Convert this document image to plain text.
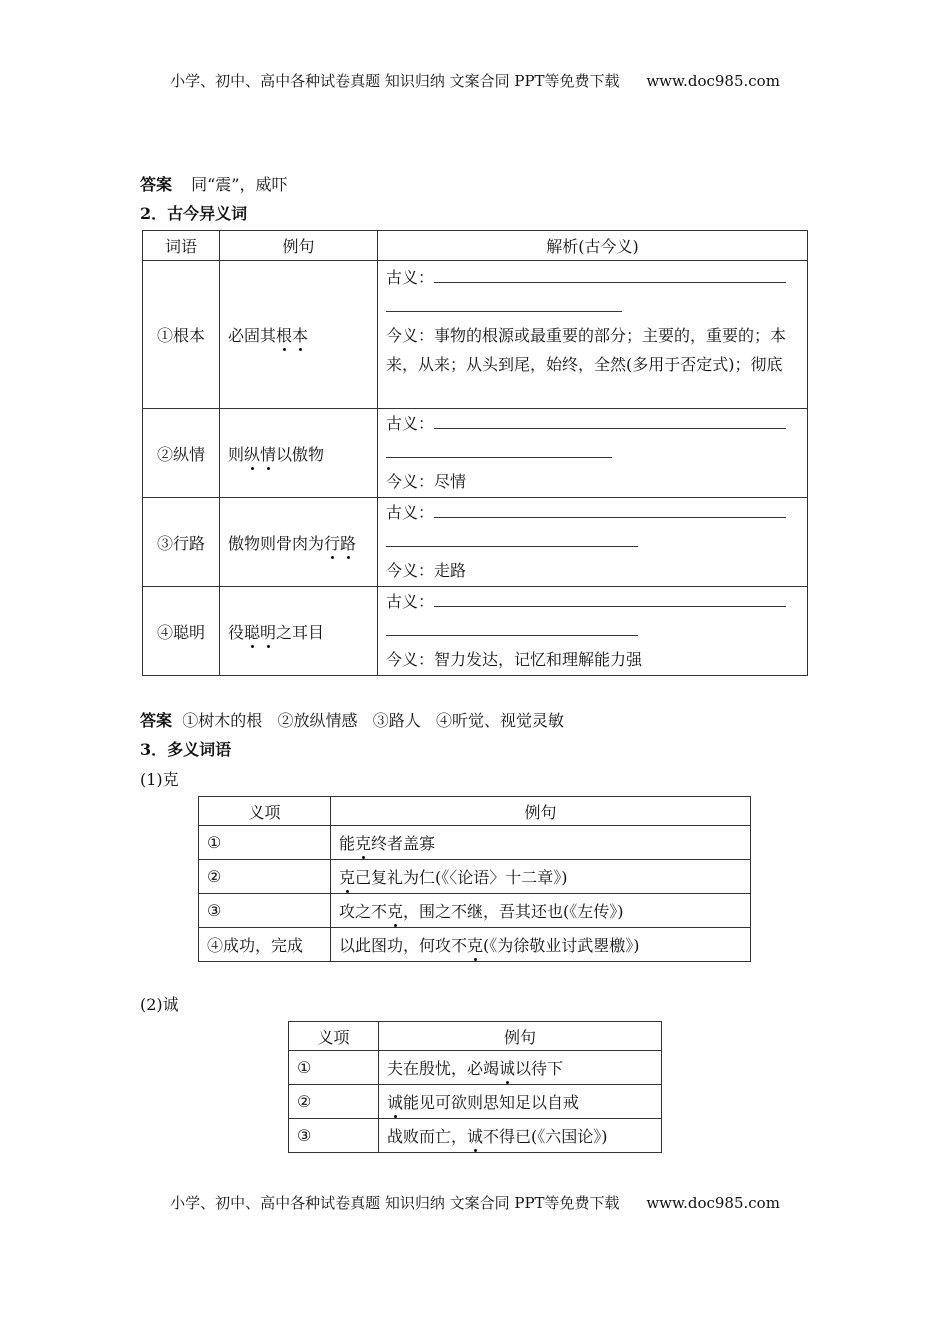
小学、初中、高中各种试卷真题 知识归纳 文案合同 PPT等免费下载 www.doc985.com
答案 同“震”，威吓
2．古今异义词
词语	例句	解析(古今义)
①根本	必固其根本	古义：
今义：事物的根源或最重要的部分；主要的，重要的；本来，从来；从头到尾，始终，全然(多用于否定式)；彻底

②纵情	则纵情以傲物	古义：
今义：尽情

③行路	傲物则骨肉为行路	古义：
今义：走路

④聪明	役聪明之耳目	古义：
今义：智力发达，记忆和理解能力强
答案 ①树木的根   ②放纵情感   ③路人   ④听觉、视觉灵敏
3．多义词语
(1)克
义项	例句
①	能克终者盖寡
②	克己复礼为仁(《〈论语〉十二章》)
③	攻之不克，围之不继，吾其还也(《左传》)
④成功，完成	以此图功，何攻不克(《为徐敬业讨武瞾檄》)
(2)诚
义项	例句
①	夫在殷忧，必竭诚以待下
②	诚能见可欲则思知足以自戒
③	战败而亡，诚不得已(《六国论》)
小学、初中、高中各种试卷真题 知识归纳 文案合同 PPT等免费下载 www.doc985.com
